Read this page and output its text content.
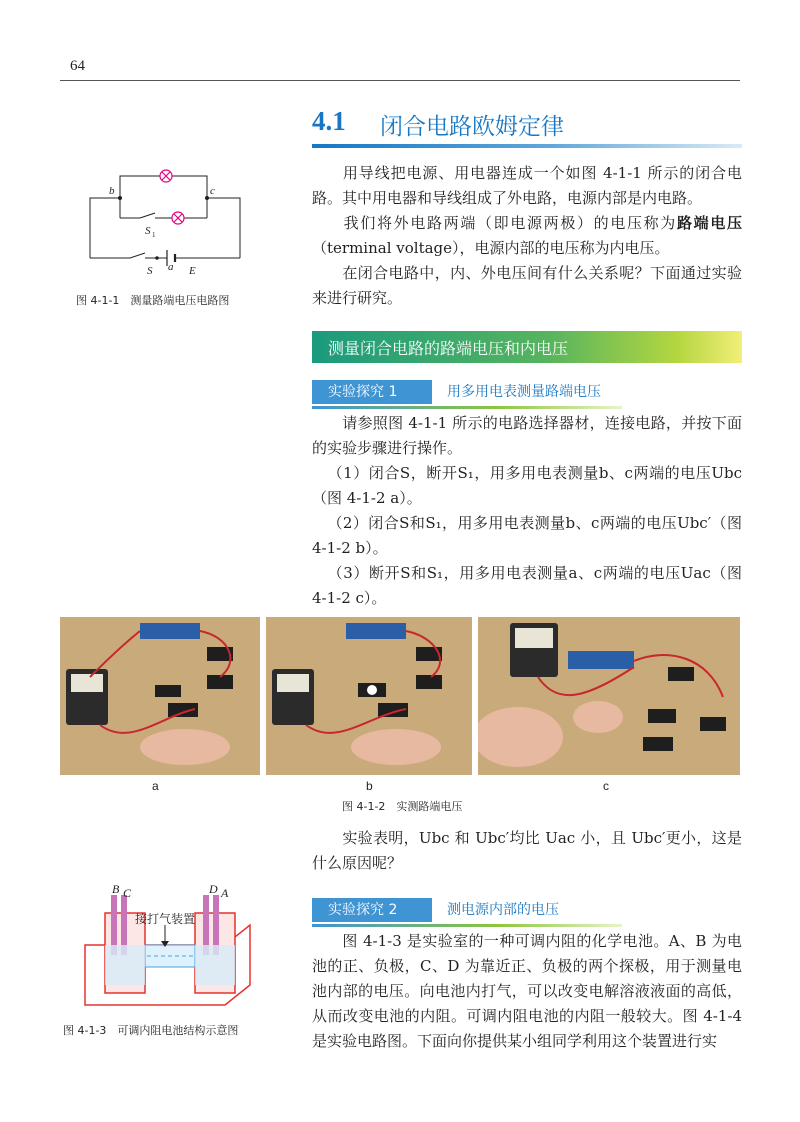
64
4.1 闭合电路欧姆定律
b	c
S 1
S a E
图 4-1-1　测量路端电压电路图

用导线把电源、用电器连成一个如图 4-1-1 所示的闭合电路。其中用电器和导线组成了外电路，电源内部是内电路。

我们将外电路两端（即电源两极）的电压称为路端电压（terminal voltage），电源内部的电压称为内电压。

在闭合电路中，内、外电压间有什么关系呢？下面通过实验来进行研究。

测量闭合电路的路端电压和内电压
实验探究 1	用多用电表测量路端电压

请参照图 4-1-1 所示的电路选择器材，连接电路，并按下面的实验步骤进行操作。

（1）闭合S，断开S₁，用多用电表测量b、c两端的电压Ubc（图 4-1-2 a）。

（2）闭合S和S₁，用多用电表测量b、c两端的电压Ubc′（图 4-1-2 b）。

（3）断开S和S₁，用多用电表测量a、c两端的电压Uac（图 4-1-2 c）。

a	b	c
图 4-1-2　实测路端电压

实验表明，Ubc 和 Ubc′均比 Uac 小，且 Ubc′更小，这是什么原因呢？

B C	D A
接打气装置
图 4-1-3　可调内阻电池结构示意图
实验探究 2	测电源内部的电压

图 4-1-3 是实验室的一种可调内阻的化学电池。A、B 为电池的正、负极，C、D 为靠近正、负极的两个探极，用于测量电池内部的电压。向电池内打气，可以改变电解溶液液面的高低，从而改变电池的内阻。可调内阻电池的内阻一般较大。图 4-1-4 是实验电路图。下面向你提供某小组同学利用这个装置进行实
